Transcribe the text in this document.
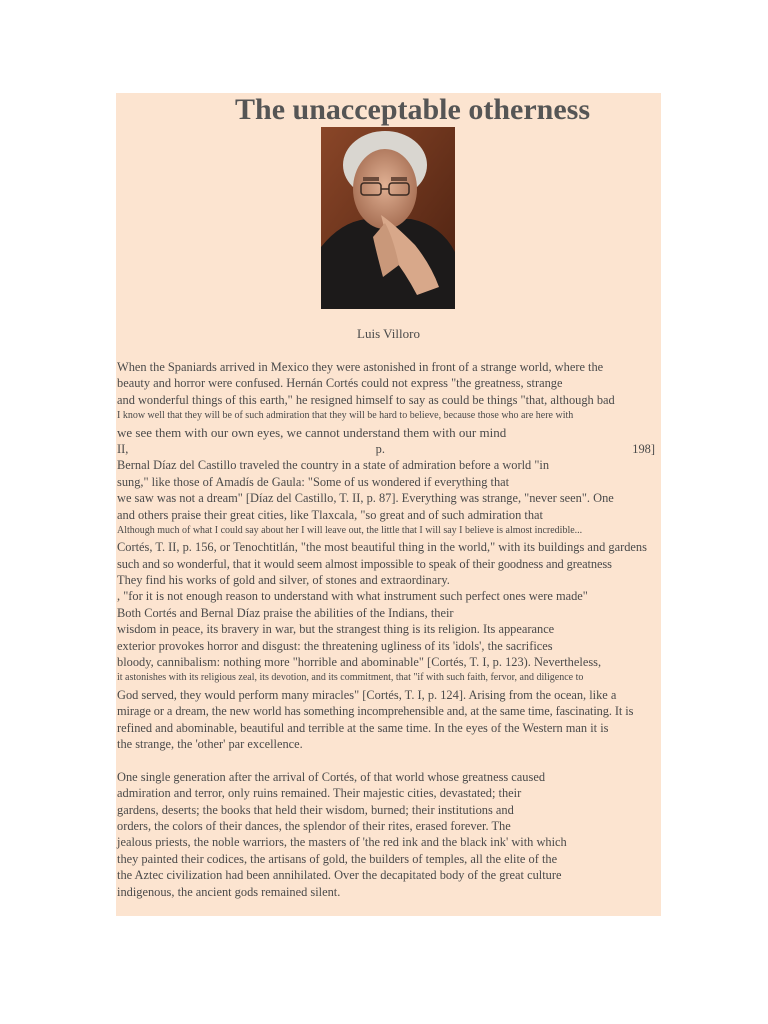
The unacceptable otherness
Luis Villoro
When the Spaniards arrived in Mexico they were astonished in front of a strange world, where the
beauty and horror were confused. Hernán Cortés could not express "the greatness, strange
and wonderful things of this earth," he resigned himself to say as could be things "that, although bad
I know well that they will be of such admiration that they will be hard to believe, because those who are here with
we see them with our own eyes, we cannot understand them with our mind
II,	p.	198]
Bernal Díaz del Castillo traveled the country in a state of admiration before a world "in
sung," like those of Amadís de Gaula: "Some of us wondered if everything that
we saw was not a dream" [Díaz del Castillo, T. II, p. 87]. Everything was strange, "never seen". One
and others praise their great cities, like Tlaxcala, "so great and of such admiration that
Although much of what I could say about her I will leave out, the little that I will say I believe is almost incredible...
Cortés, T. II, p. 156, or Tenochtitlán, "the most beautiful thing in the world," with its buildings and gardens
such and so wonderful, that it would seem almost impossible to speak of their goodness and greatness
They find his works of gold and silver, of stones and extraordinary.
, "for it is not enough reason to understand with what instrument such perfect ones were made"
Both Cortés and Bernal Díaz praise the abilities of the Indians, their
wisdom in peace, its bravery in war, but the strangest thing is its religion. Its appearance
exterior provokes horror and disgust: the threatening ugliness of its 'idols', the sacrifices
bloody, cannibalism: nothing more "horrible and abominable" [Cortés, T. I, p. 123). Nevertheless,
it astonishes with its religious zeal, its devotion, and its commitment, that "if with such faith, fervor, and diligence to
God served, they would perform many miracles" [Cortés, T. I, p. 124]. Arising from the ocean, like a
mirage or a dream, the new world has something incomprehensible and, at the same time, fascinating. It is
refined and abominable, beautiful and terrible at the same time. In the eyes of the Western man it is
the strange, the 'other' par excellence.
One single generation after the arrival of Cortés, of that world whose greatness caused
admiration and terror, only ruins remained. Their majestic cities, devastated; their
gardens, deserts; the books that held their wisdom, burned; their institutions and
orders, the colors of their dances, the splendor of their rites, erased forever. The
jealous priests, the noble warriors, the masters of 'the red ink and the black ink' with which
they painted their codices, the artisans of gold, the builders of temples, all the elite of the
the Aztec civilization had been annihilated. Over the decapitated body of the great culture
indigenous, the ancient gods remained silent.
